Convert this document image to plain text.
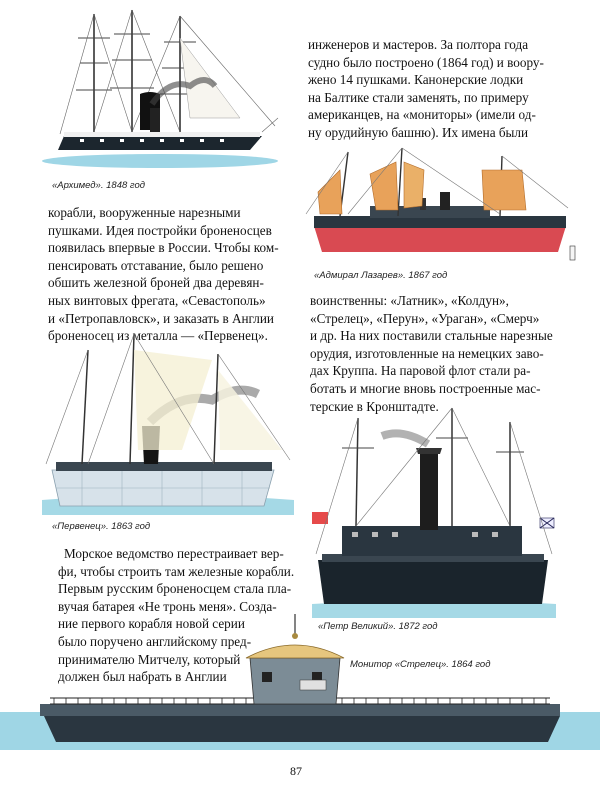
«Архимед». 1848 год
инженеров и мастеров. За полтора года
судно было построено (1864 год) и воору-
жено 14 пушками. Канонерские лодки
на Балтике стали заменять, по примеру
американцев, на «мониторы» (имели од-
ну орудийную башню). Их имена были
«Адмирал Лазарев». 1867 год
корабли, вооруженные нарезными
пушками. Идея постройки броненосцев
появилась впервые в России. Чтобы ком-
пенсировать отставание, было решено
обшить железной броней два деревян-
ных винтовых фрегата, «Севастополь»
и «Петропавловск», и заказать в Англии
броненосец из металла — «Первенец».
воинственны: «Латник», «Колдун»,
«Стрелец», «Перун», «Ураган», «Смерч»
и др. На них поставили стальные нарезные
орудия, изготовленные на немецких заво-
дах Круппа. На паровой флот стали ра-
ботать и многие вновь построенные мас-
терские в Кронштадте.
«Первенец». 1863 год
«Петр Великий». 1872 год
Морское ведомство перестраивает вер-
фи, чтобы строить там железные корабли.
Первым русским броненосцем стала пла-
вучая батарея «Не тронь меня». Созда-
ние первого корабля новой серии
было поручено английскому пред-
принимателю Митчелу, который
должен был набрать в Англии
Монитор «Стрелец». 1864 год
87
